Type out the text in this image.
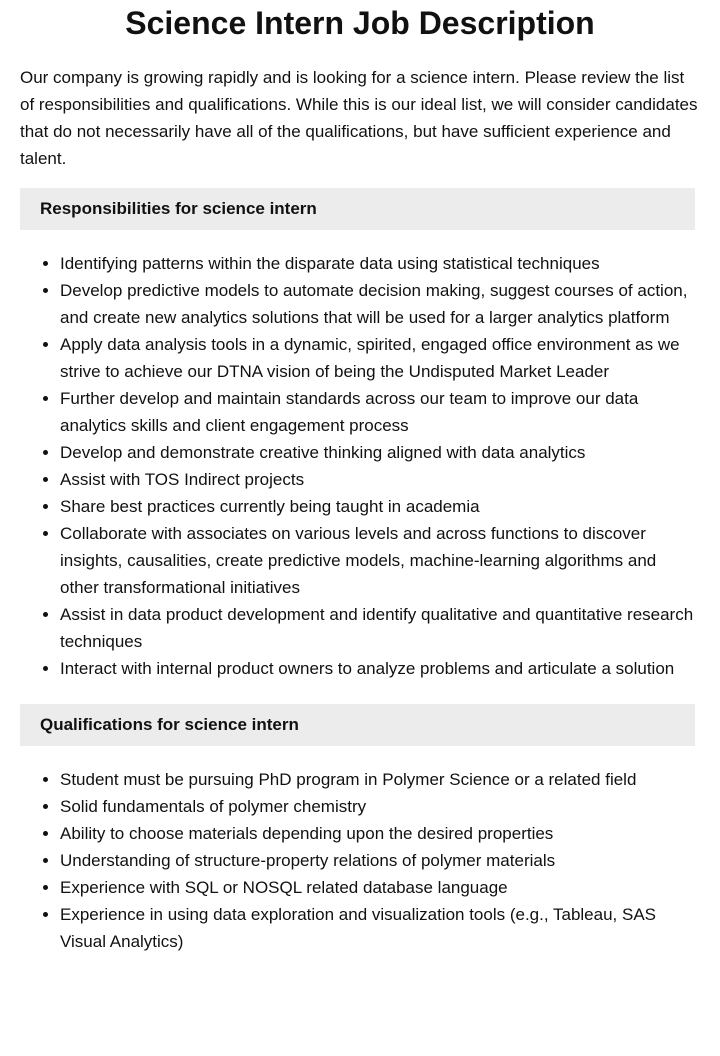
Science Intern Job Description

Our company is growing rapidly and is looking for a science intern. Please review the list of responsibilities and qualifications. While this is our ideal list, we will consider candidates that do not necessarily have all of the qualifications, but have sufficient experience and talent.

Responsibilities for science intern
• Identifying patterns within the disparate data using statistical techniques
• Develop predictive models to automate decision making, suggest courses of action, and create new analytics solutions that will be used for a larger analytics platform
• Apply data analysis tools in a dynamic, spirited, engaged office environment as we strive to achieve our DTNA vision of being the Undisputed Market Leader
• Further develop and maintain standards across our team to improve our data analytics skills and client engagement process
• Develop and demonstrate creative thinking aligned with data analytics
• Assist with TOS Indirect projects
• Share best practices currently being taught in academia
• Collaborate with associates on various levels and across functions to discover insights, causalities, create predictive models, machine-learning algorithms and other transformational initiatives
• Assist in data product development and identify qualitative and quantitative research techniques
• Interact with internal product owners to analyze problems and articulate a solution
Qualifications for science intern
• Student must be pursuing PhD program in Polymer Science or a related field
• Solid fundamentals of polymer chemistry
• Ability to choose materials depending upon the desired properties
• Understanding of structure-property relations of polymer materials
• Experience with SQL or NOSQL related database language
• Experience in using data exploration and visualization tools (e.g., Tableau, SAS Visual Analytics)
